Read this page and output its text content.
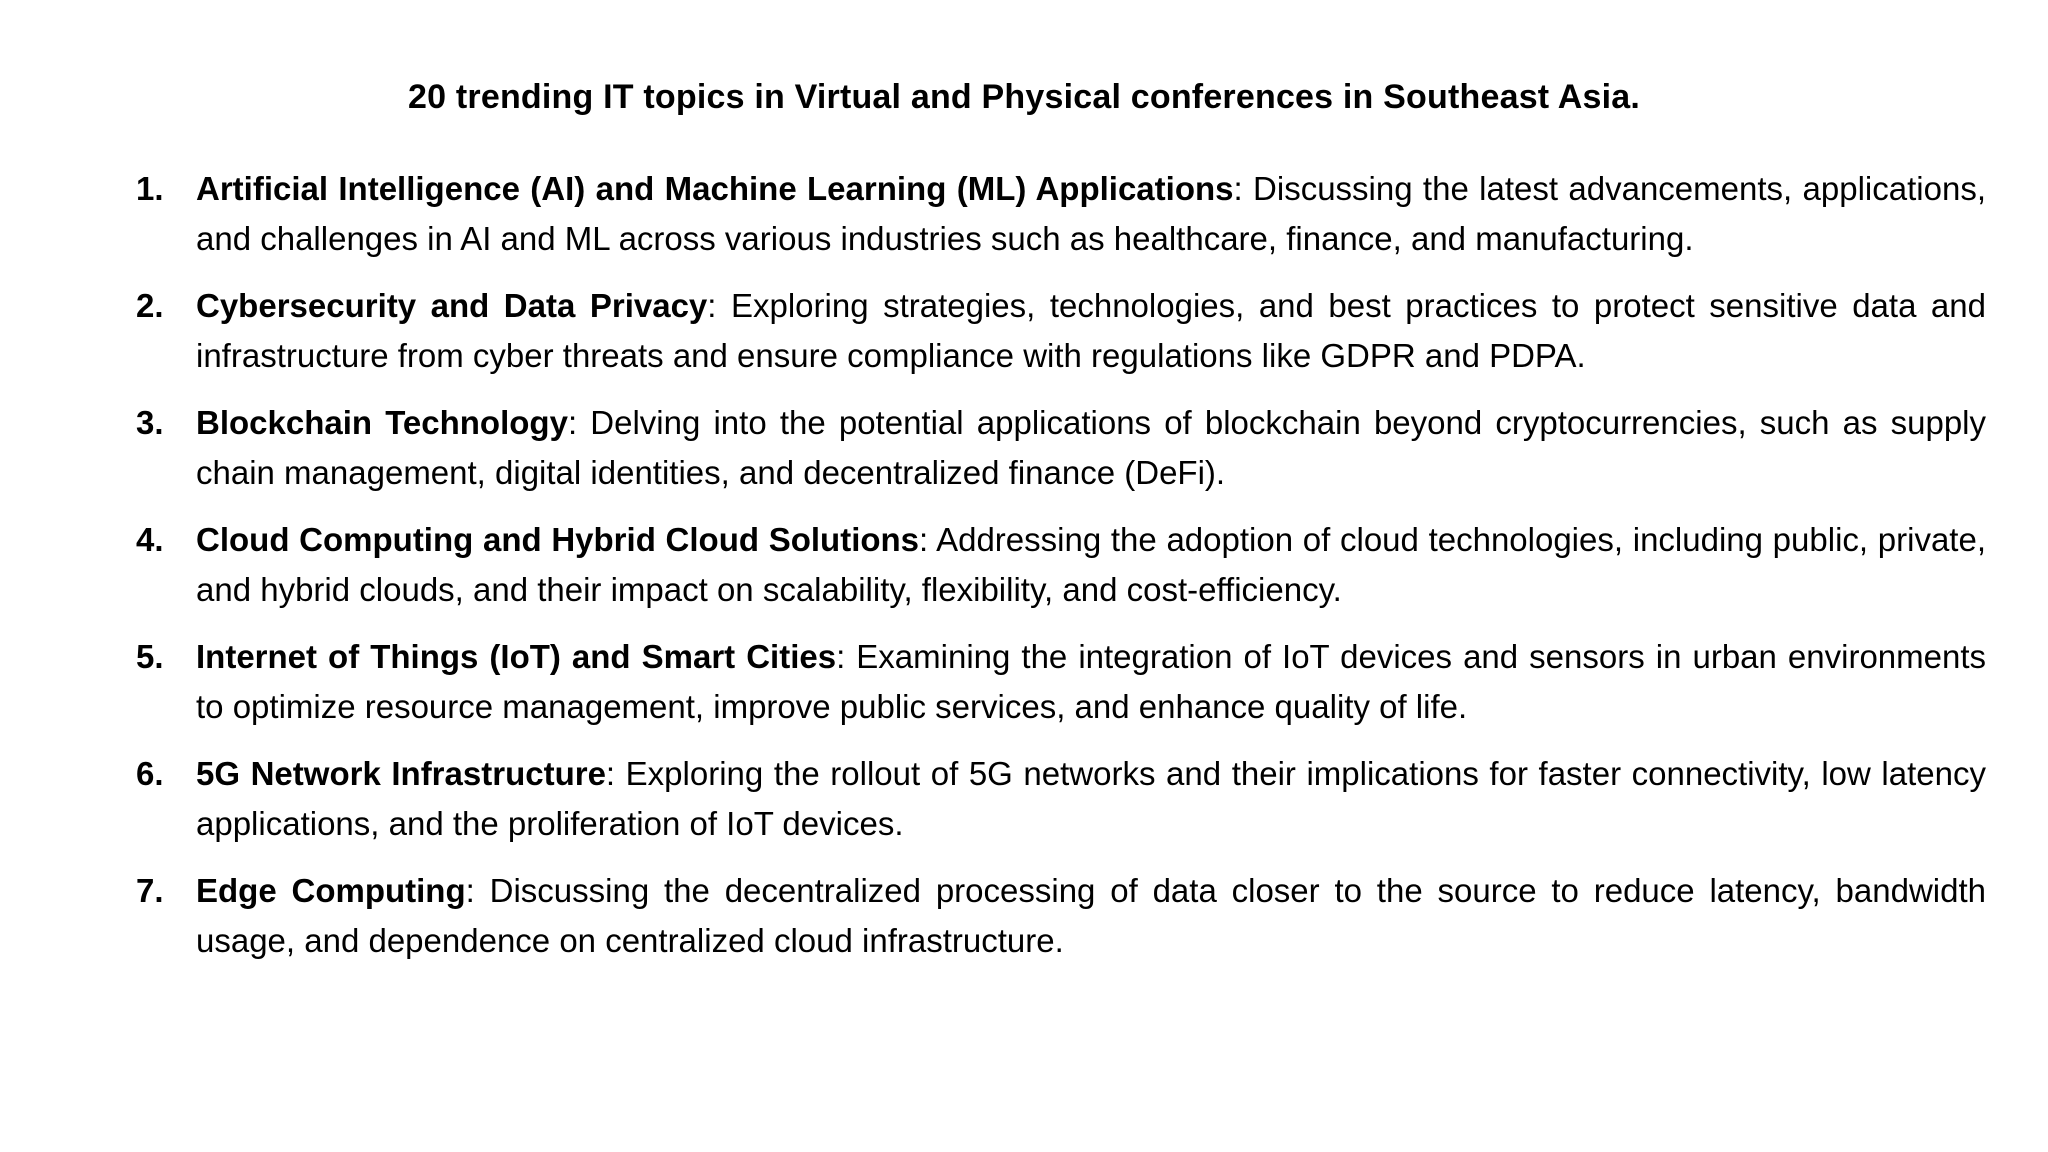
20 trending IT topics in Virtual and Physical conferences in Southeast Asia.
1. Artificial Intelligence (AI) and Machine Learning (ML) Applications: Discussing the latest advancements, applications, and challenges in AI and ML across various industries such as healthcare, finance, and manufacturing.
2. Cybersecurity and Data Privacy: Exploring strategies, technologies, and best practices to protect sensitive data and infrastructure from cyber threats and ensure compliance with regulations like GDPR and PDPA.
3. Blockchain Technology: Delving into the potential applications of blockchain beyond cryptocurrencies, such as supply chain management, digital identities, and decentralized finance (DeFi).
4. Cloud Computing and Hybrid Cloud Solutions: Addressing the adoption of cloud technologies, including public, private, and hybrid clouds, and their impact on scalability, flexibility, and cost-efficiency.
5. Internet of Things (IoT) and Smart Cities: Examining the integration of IoT devices and sensors in urban environments to optimize resource management, improve public services, and enhance quality of life.
6. 5G Network Infrastructure: Exploring the rollout of 5G networks and their implications for faster connectivity, low latency applications, and the proliferation of IoT devices.
7. Edge Computing: Discussing the decentralized processing of data closer to the source to reduce latency, bandwidth usage, and dependence on centralized cloud infrastructure.
